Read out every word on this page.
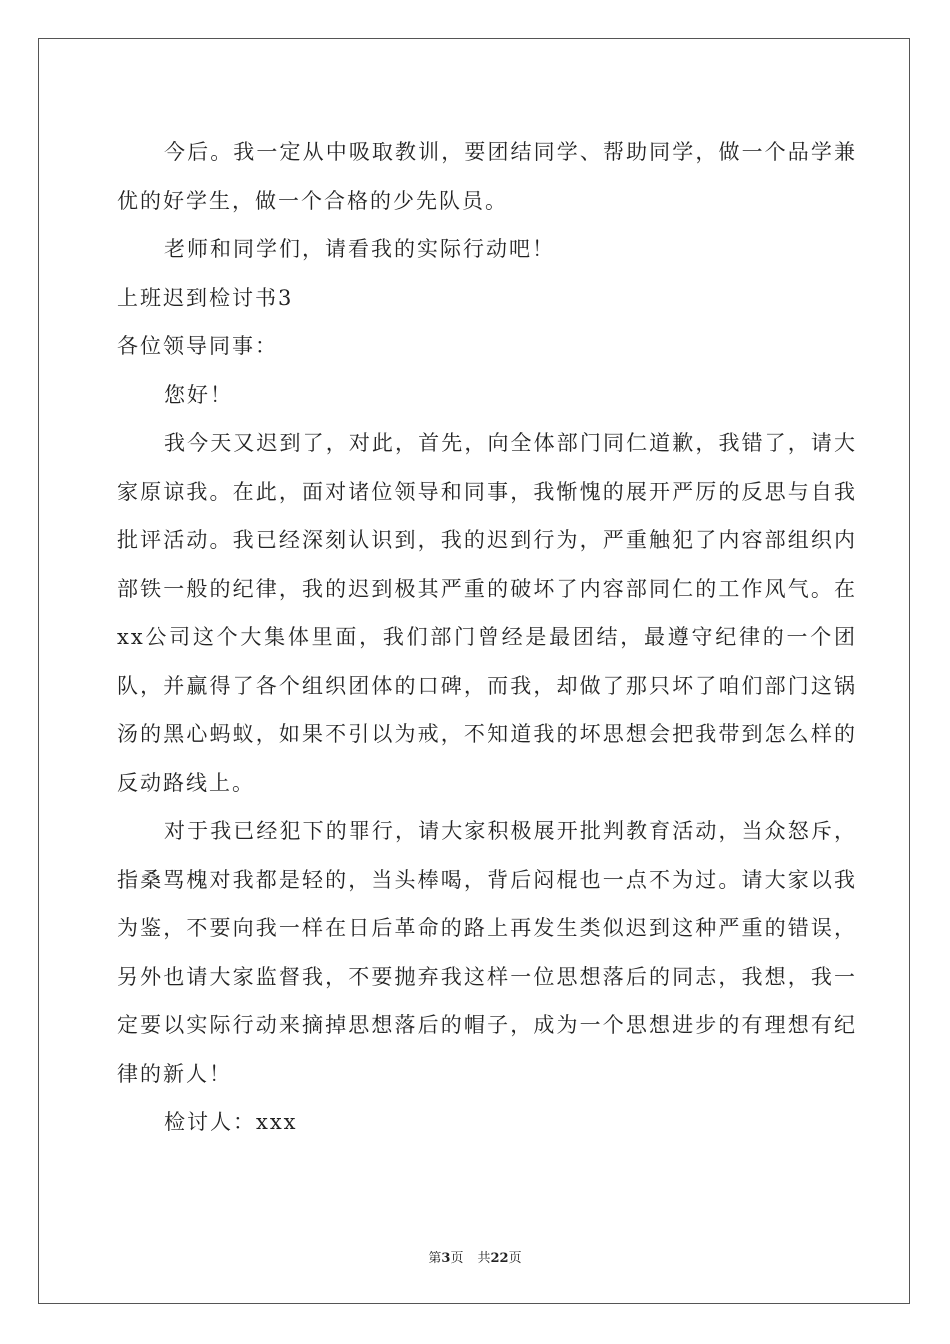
今后。我一定从中吸取教训，要团结同学、帮助同学，做一个品学兼优的好学生，做一个合格的少先队员。

老师和同学们，请看我的实际行动吧！

上班迟到检讨书3

各位领导同事：

您好！

我今天又迟到了，对此，首先，向全体部门同仁道歉，我错了，请大家原谅我。在此，面对诸位领导和同事，我惭愧的展开严厉的反思与自我批评活动。我已经深刻认识到，我的迟到行为，严重触犯了内容部组织内部铁一般的纪律，我的迟到极其严重的破坏了内容部同仁的工作风气。在xx公司这个大集体里面，我们部门曾经是最团结，最遵守纪律的一个团队，并赢得了各个组织团体的口碑，而我，却做了那只坏了咱们部门这锅汤的黑心蚂蚁，如果不引以为戒，不知道我的坏思想会把我带到怎么样的反动路线上。

对于我已经犯下的罪行，请大家积极展开批判教育活动，当众怒斥，指桑骂槐对我都是轻的，当头棒喝，背后闷棍也一点不为过。请大家以我为鉴，不要向我一样在日后革命的路上再发生类似迟到这种严重的错误，另外也请大家监督我，不要抛弃我这样一位思想落后的同志，我想，我一定要以实际行动来摘掉思想落后的帽子，成为一个思想进步的有理想有纪律的新人！

检讨人：xxx

第3页 共22页
